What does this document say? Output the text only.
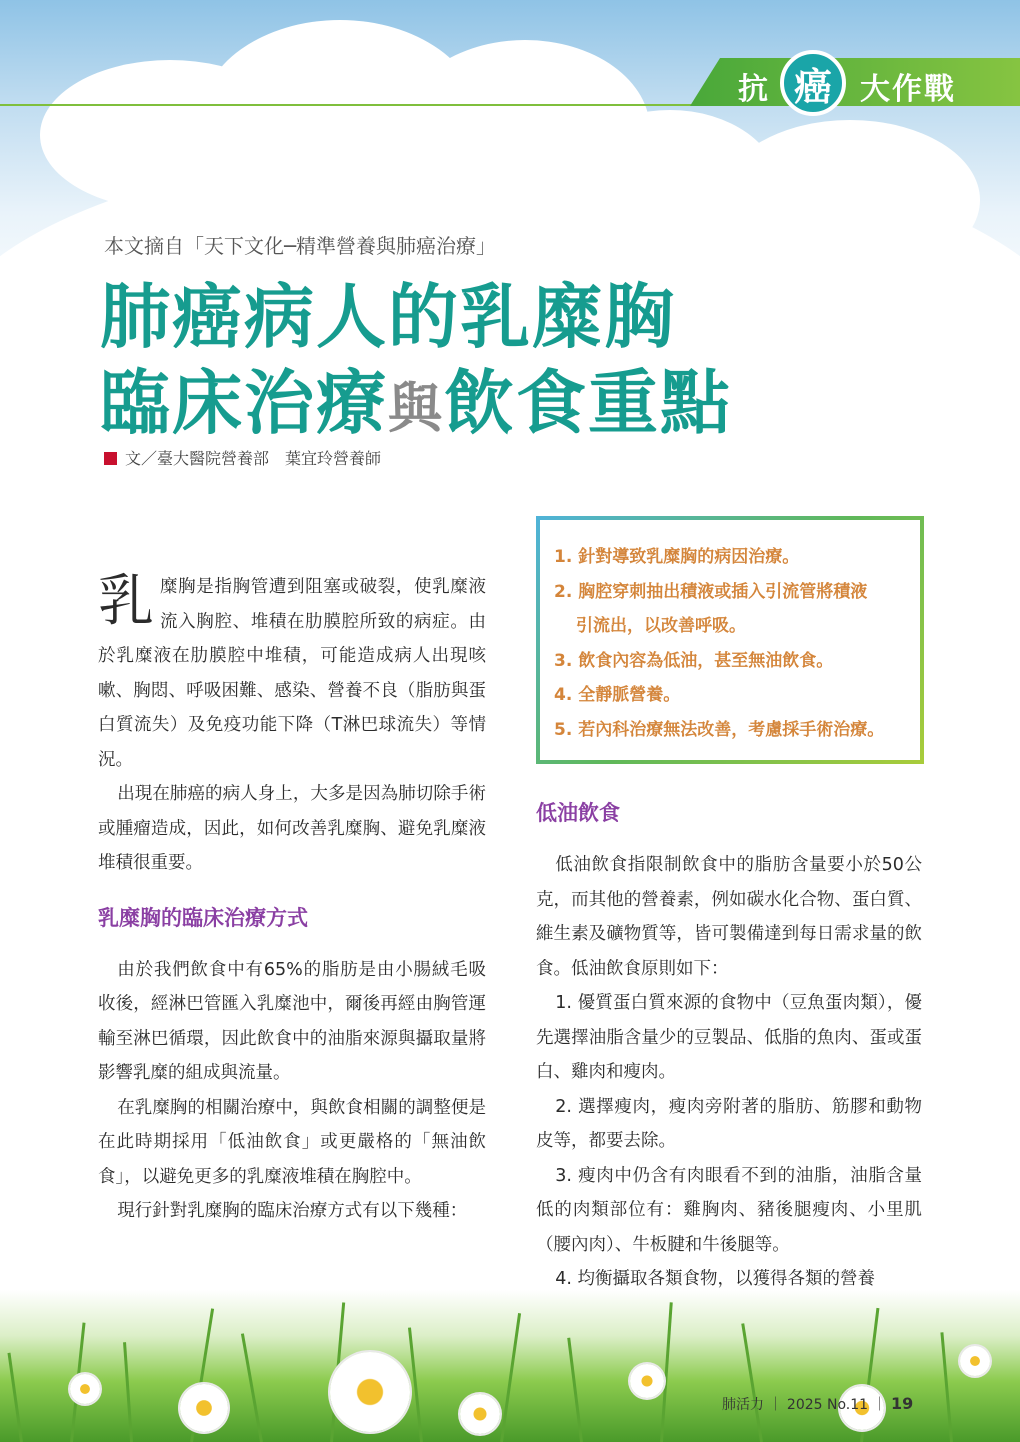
抗 癌 大作戰
本文摘自「天下文化─精準營養與肺癌治療」
肺癌病人的乳糜胸
臨床治療與飲食重點
文／臺大醫院營養部　葉宜玲營養師

乳糜胸是指胸管遭到阻塞或破裂，使乳糜液流入胸腔、堆積在肋膜腔所致的病症。由於乳糜液在肋膜腔中堆積，可能造成病人出現咳嗽、胸悶、呼吸困難、感染、營養不良（脂肪與蛋白質流失）及免疫功能下降（T淋巴球流失）等情況。

出現在肺癌的病人身上，大多是因為肺切除手術或腫瘤造成，因此，如何改善乳糜胸、避免乳糜液堆積很重要。

乳糜胸的臨床治療方式

由於我們飲食中有65%的脂肪是由小腸絨毛吸收後，經淋巴管匯入乳糜池中，爾後再經由胸管運輸至淋巴循環，因此飲食中的油脂來源與攝取量將影響乳糜的組成與流量。

在乳糜胸的相關治療中，與飲食相關的調整便是在此時期採用「低油飲食」或更嚴格的「無油飲食」，以避免更多的乳糜液堆積在胸腔中。

現行針對乳糜胸的臨床治療方式有以下幾種：

1. 針對導致乳糜胸的病因治療。
2. 胸腔穿刺抽出積液或插入引流管將積液
引流出，以改善呼吸。
3. 飲食內容為低油，甚至無油飲食。
4. 全靜脈營養。
5. 若內科治療無法改善，考慮採手術治療。
低油飲食

低油飲食指限制飲食中的脂肪含量要小於50公克，而其他的營養素，例如碳水化合物、蛋白質、維生素及礦物質等，皆可製備達到每日需求量的飲食。低油飲食原則如下：

1. 優質蛋白質來源的食物中（豆魚蛋肉類），優先選擇油脂含量少的豆製品、低脂的魚肉、蛋或蛋白、雞肉和瘦肉。

2. 選擇瘦肉，瘦肉旁附著的脂肪、筋膠和動物皮等，都要去除。

3. 瘦肉中仍含有肉眼看不到的油脂，油脂含量低的肉類部位有：雞胸肉、豬後腿瘦肉、小里肌（腰內肉）、牛板腱和牛後腿等。

4. 均衡攝取各類食物，以獲得各類的營養

肺活力 ｜ 2025 No.11 ｜ 19
